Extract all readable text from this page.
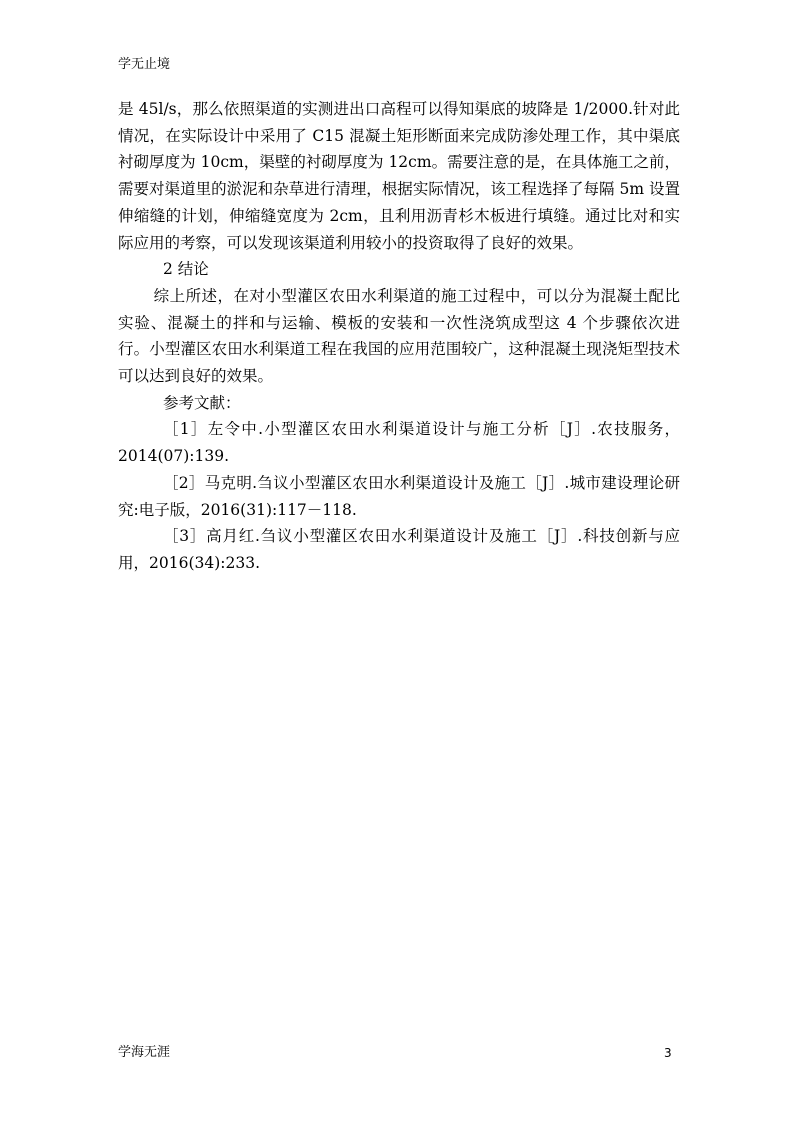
学无止境

是 45l/s，那么依照渠道的实测进出口高程可以得知渠底的坡降是 1/2000.针对此情况，在实际设计中采用了 C15 混凝土矩形断面来完成防渗处理工作，其中渠底衬砌厚度为 10cm，渠壁的衬砌厚度为 12cm。需要注意的是，在具体施工之前，需要对渠道里的淤泥和杂草进行清理，根据实际情况，该工程选择了每隔 5m 设置伸缩缝的计划，伸缩缝宽度为 2cm，且利用沥青杉木板进行填缝。通过比对和实际应用的考察，可以发现该渠道利用较小的投资取得了良好的效果。

2 结论

综上所述，在对小型灌区农田水利渠道的施工过程中，可以分为混凝土配比实验、混凝土的拌和与运输、模板的安装和一次性浇筑成型这 4 个步骤依次进行。小型灌区农田水利渠道工程在我国的应用范围较广，这种混凝土现浇矩型技术可以达到良好的效果。

参考文献：

［1］左令中.小型灌区农田水利渠道设计与施工分析［J］.农技服务，2014(07):139.

［2］马克明.刍议小型灌区农田水利渠道设计及施工［J］.城市建设理论研究:电子版，2016(31):117－118.

［3］高月红.刍议小型灌区农田水利渠道设计及施工［J］.科技创新与应用，2016(34):233.

学海无涯	3
